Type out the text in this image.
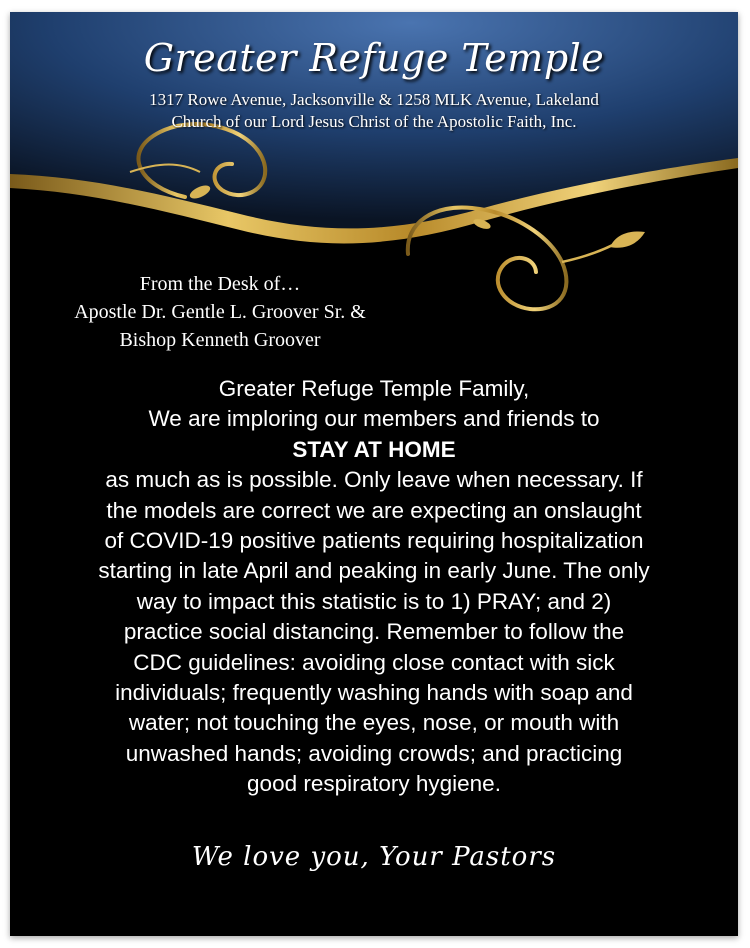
Greater Refuge Temple
1317 Rowe Avenue, Jacksonville & 1258 MLK Avenue, Lakeland
Church of our Lord Jesus Christ of the Apostolic Faith, Inc.
From the Desk of…
Apostle Dr. Gentle L. Groover Sr. &
Bishop Kenneth Groover
Greater Refuge Temple Family,
We are imploring our members and friends to
STAY AT HOME
as much as is possible. Only leave when necessary. If
the models are correct we are expecting an onslaught
of COVID-19 positive patients requiring hospitalization
starting in late April and peaking in early June. The only
way to impact this statistic is to 1) PRAY; and 2)
practice social distancing. Remember to follow the
CDC guidelines: avoiding close contact with sick
individuals; frequently washing hands with soap and
water; not touching the eyes, nose, or mouth with
unwashed hands; avoiding crowds; and practicing
good respiratory hygiene.
We love you, Your Pastors
